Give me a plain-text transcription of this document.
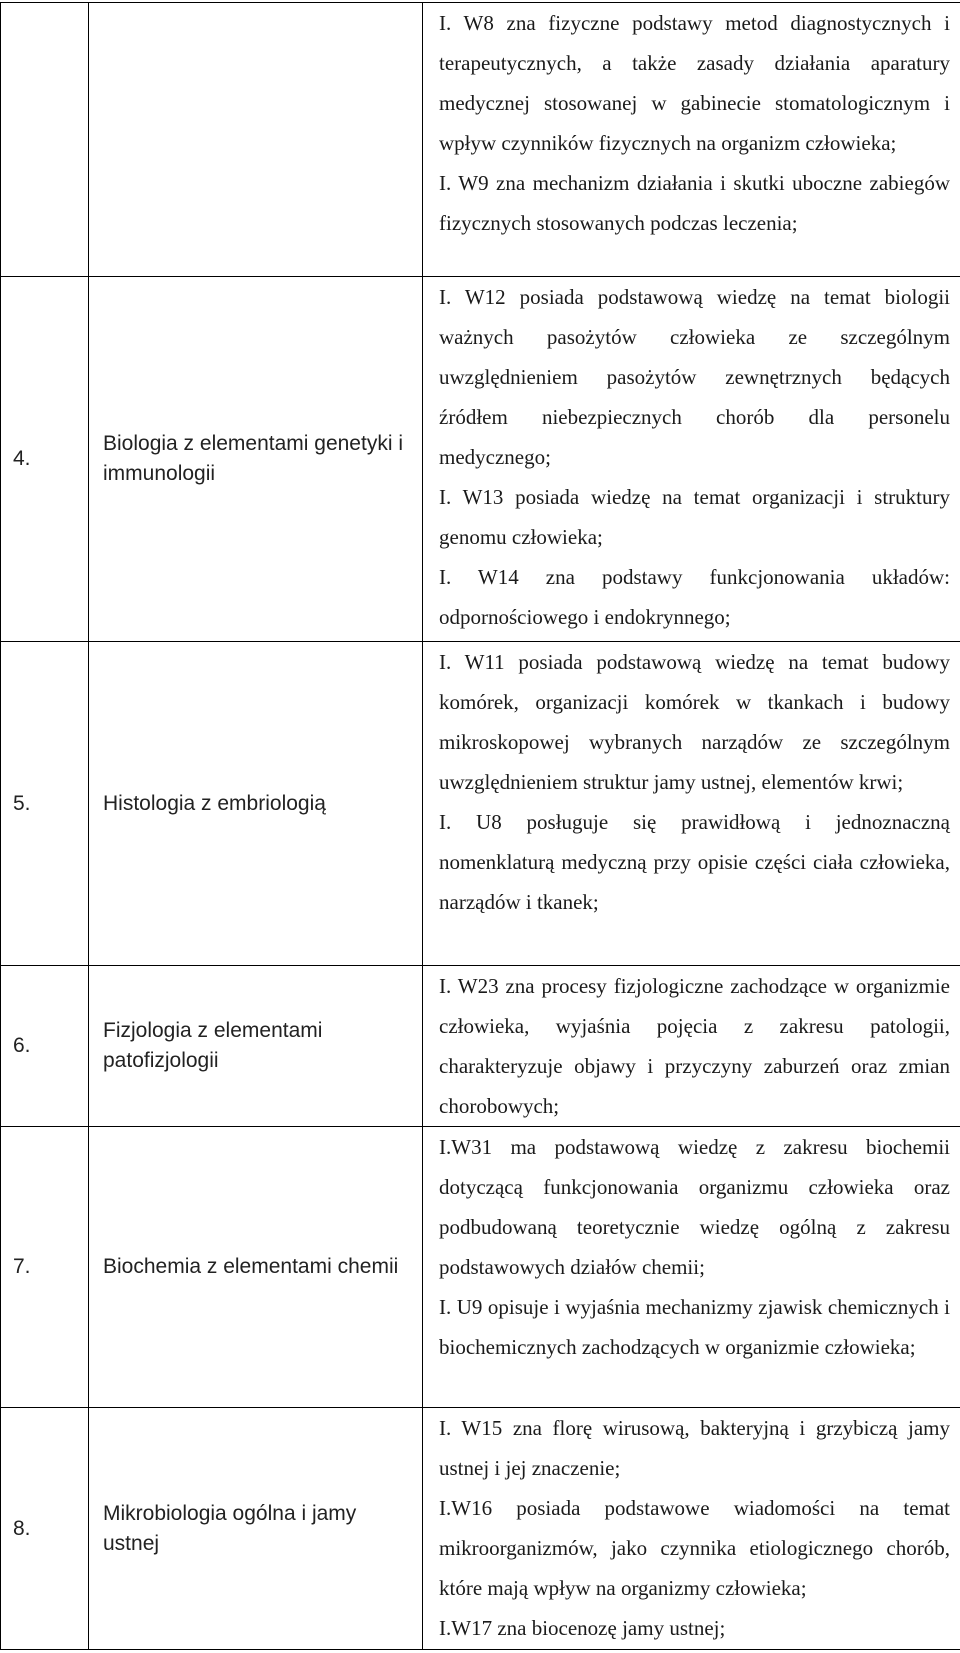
		I. W8 zna fizyczne podstawy metod diagnostycznych i terapeutycznych, a także zasady działania aparatury medycznej stosowanej w gabinecie stomatologicznym i wpływ czynników fizycznych na organizm człowieka;

I. W9 zna mechanizm działania i skutki uboczne zabiegów fizycznych stosowanych podczas leczenia;

4.	Biologia z elementami genetyki i immunologii	I. W12 posiada podstawową wiedzę na temat biologii ważnych pasożytów człowieka ze szczególnym uwzględnieniem pasożytów zewnętrznych będących źródłem niebezpiecznych chorób dla personelu medycznego;

I. W13 posiada wiedzę na temat organizacji i struktury genomu człowieka;

I. W14 zna podstawy funkcjonowania układów: odpornościowego i endokrynnego;

5.	Histologia z embriologią	I. W11 posiada podstawową wiedzę na temat budowy komórek, organizacji komórek w tkankach i budowy mikroskopowej wybranych narządów ze szczególnym uwzględnieniem struktur jamy ustnej, elementów krwi;

I. U8 posługuje się prawidłową i jednoznaczną nomenklaturą medyczną przy opisie części ciała człowieka, narządów i tkanek;

6.	Fizjologia z elementami patofizjologii	I. W23 zna procesy fizjologiczne zachodzące w organizmie człowieka, wyjaśnia pojęcia z zakresu patologii, charakteryzuje objawy i przyczyny zaburzeń oraz zmian chorobowych;

7.	Biochemia z elementami chemii	I.W31 ma podstawową wiedzę z zakresu biochemii dotyczącą funkcjonowania organizmu człowieka oraz podbudowaną teoretycznie wiedzę ogólną z zakresu podstawowych działów chemii;

I. U9 opisuje i wyjaśnia mechanizmy zjawisk chemicznych i biochemicznych zachodzących w organizmie człowieka;

8.	Mikrobiologia ogólna i jamy ustnej	I. W15 zna florę wirusową, bakteryjną i grzybiczą jamy ustnej i jej znaczenie;

I.W16 posiada podstawowe wiadomości na temat mikroorganizmów, jako czynnika etiologicznego chorób, które mają wpływ na organizmy człowieka;

I.W17 zna biocenozę jamy ustnej;
